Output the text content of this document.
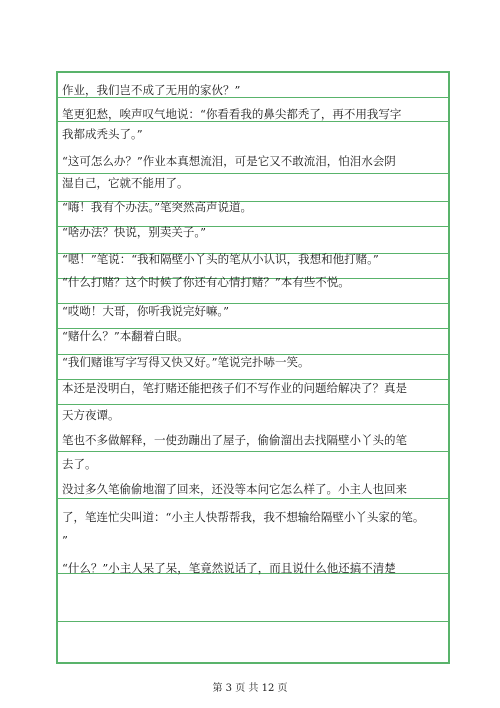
作业，我们岂不成了无用的家伙？”
笔更犯愁，唉声叹气地说：“你看看我的鼻尖都秃了，再不用我写字
我都成秃头了。”
“这可怎么办？”作业本真想流泪，可是它又不敢流泪，怕泪水会阴
湿自己，它就不能用了。
“嗨！我有个办法。”笔突然高声说道。
“啥办法？快说，别卖关子。”
“嗯！”笔说：“我和隔壁小丫头的笔从小认识，我想和他打赌。”
“什么打赌？这个时候了你还有心情打赌？”本有些不悦。
“哎呦！大哥，你听我说完好嘛。”
“赌什么？”本翻着白眼。
“我们赌谁写字写得又快又好。”笔说完扑哧一笑。
本还是没明白，笔打赌还能把孩子们不写作业的问题给解决了？真是
天方夜谭。
笔也不多做解释，一使劲蹦出了屋子，偷偷溜出去找隔壁小丫头的笔
去了。
没过多久笔偷偷地溜了回来，还没等本问它怎么样了。小主人也回来
了，笔连忙尖叫道：“小主人快帮帮我，我不想输给隔壁小丫头家的笔。
”
“什么？”小主人呆了呆，笔竟然说话了，而且说什么他还搞不清楚
第 3 页 共 12 页
